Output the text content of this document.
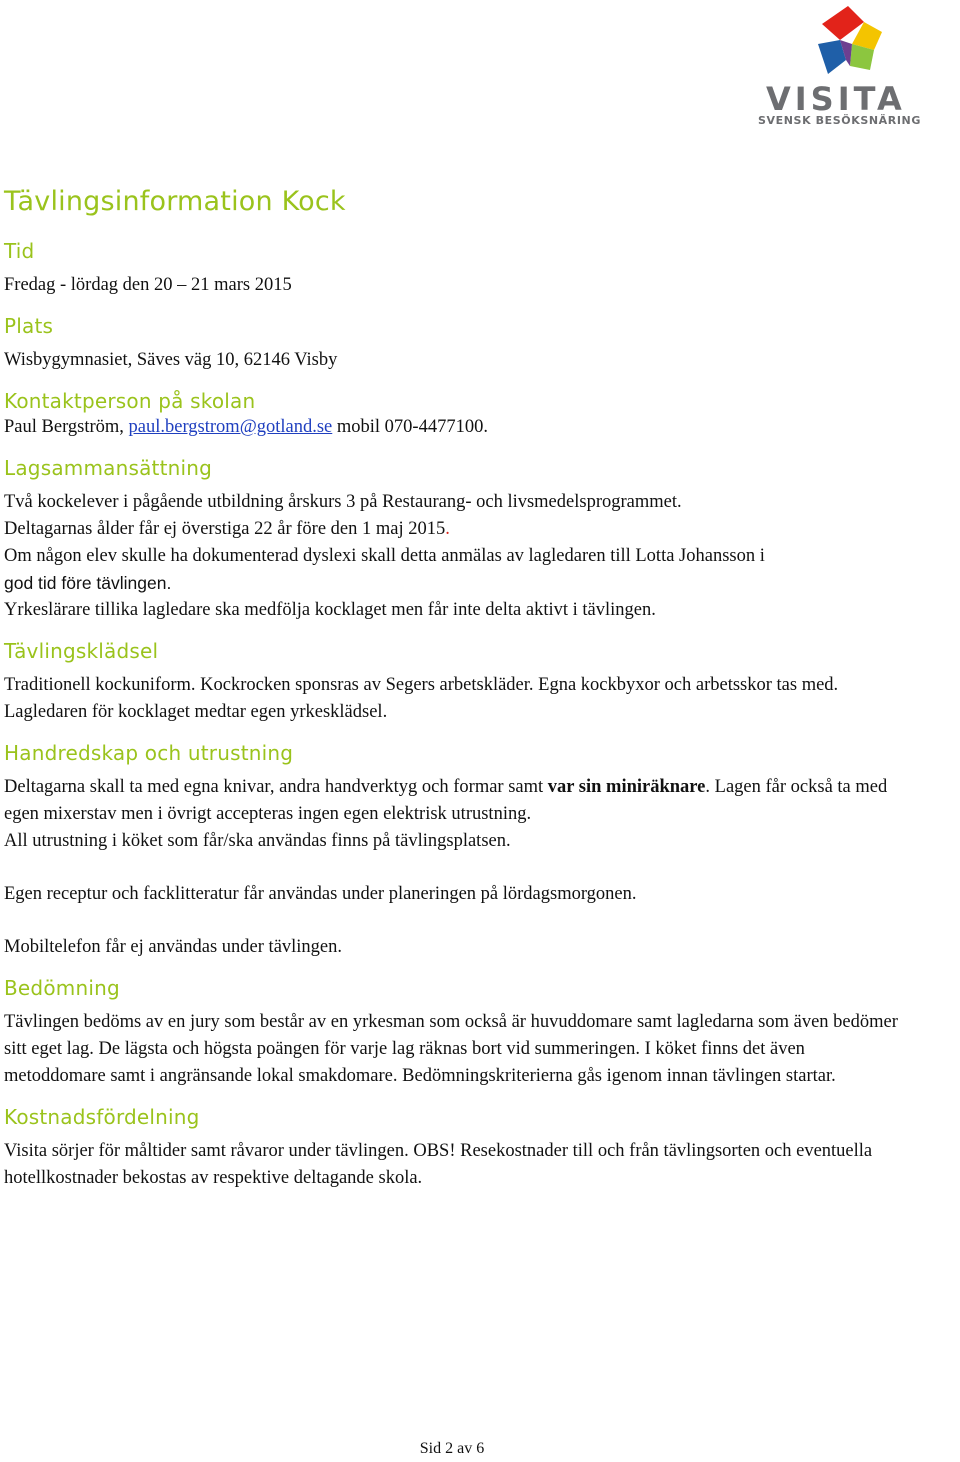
VISITA
SVENSK BESÖKSNÄRING
Tävlingsinformation Kock
Tid

Fredag - lördag den 20 – 21 mars 2015

Plats

Wisbygymnasiet, Säves väg 10, 62146 Visby

Kontaktperson på skolan

Paul Bergström, paul.bergstrom@gotland.se mobil 070-4477100.

Lagsammansättning

Två kockelever i pågående utbildning årskurs 3 på Restaurang- och livsmedelsprogrammet.

Deltagarnas ålder får ej överstiga 22 år före den 1 maj 2015.

Om någon elev skulle ha dokumenterad dyslexi skall detta anmälas av lagledaren till Lotta Johansson i

god tid före tävlingen.

Yrkeslärare tillika lagledare ska medfölja kocklaget men får inte delta aktivt i tävlingen.

Tävlingsklädsel

Traditionell kockuniform. Kockrocken sponsras av Segers arbetskläder. Egna kockbyxor och arbetsskor tas med. Lagledaren för kocklaget medtar egen yrkesklädsel.

Handredskap och utrustning

Deltagarna skall ta med egna knivar, andra handverktyg och formar samt var sin miniräknare. Lagen får också ta med egen mixerstav men i övrigt accepteras ingen egen elektrisk utrustning.

All utrustning i köket som får/ska användas finns på tävlingsplatsen.

Egen receptur och facklitteratur får användas under planeringen på lördagsmorgonen.

Mobiltelefon får ej användas under tävlingen.

Bedömning

Tävlingen bedöms av en jury som består av en yrkesman som också är huvuddomare samt lagledarna som även bedömer sitt eget lag. De lägsta och högsta poängen för varje lag räknas bort vid summeringen. I köket finns det även metoddomare samt i angränsande lokal smakdomare. Bedömningskriterierna gås igenom innan tävlingen startar.

Kostnadsfördelning

Visita sörjer för måltider samt råvaror under tävlingen. OBS! Resekostnader till och från tävlingsorten och eventuella hotellkostnader bekostas av respektive deltagande skola.

Sid 2 av 6
